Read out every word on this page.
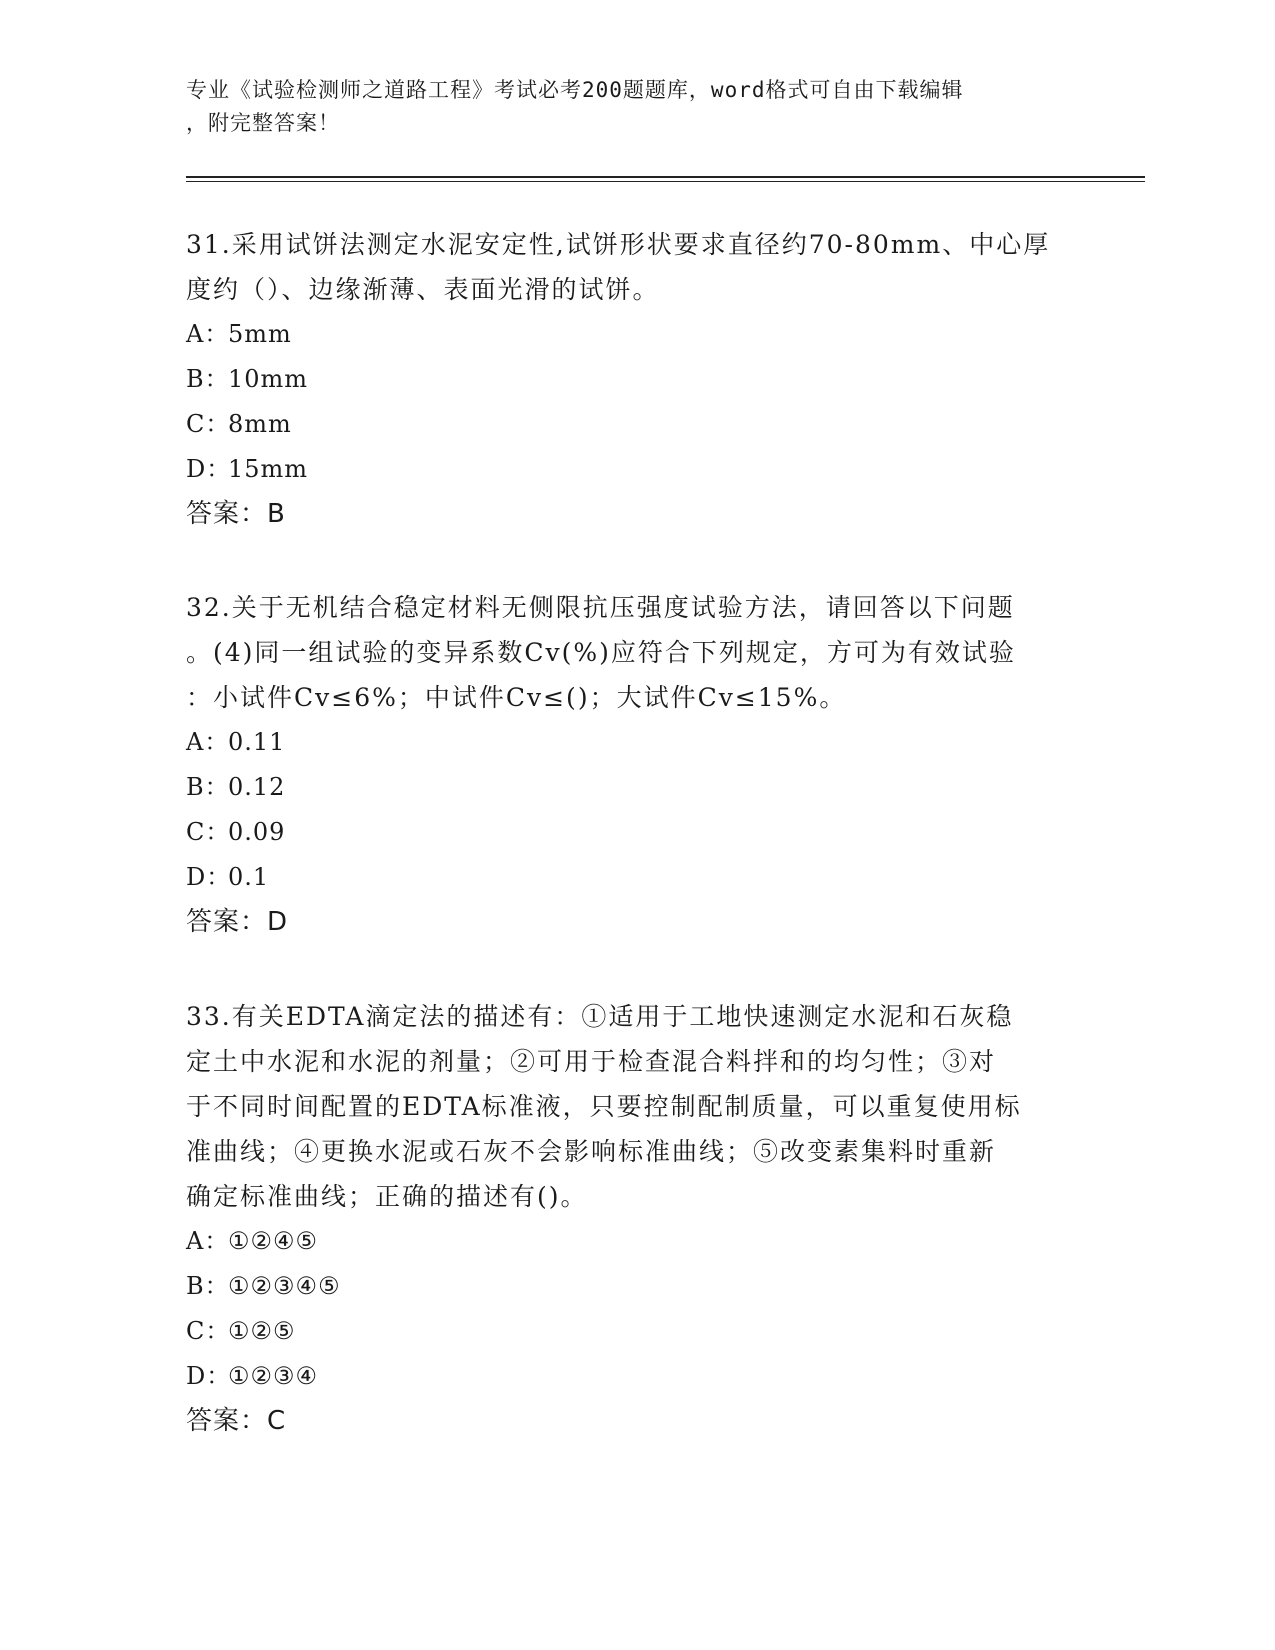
专业《试验检测师之道路工程》考试必考200题题库，word格式可自由下载编辑
，附完整答案！
31.采用试饼法测定水泥安定性,试饼形状要求直径约70-80mm、中心厚
度约（）、边缘渐薄、表面光滑的试饼。
A：5mm
B：10mm
C：8mm
D：15mm
答案：B
32.关于无机结合稳定材料无侧限抗压强度试验方法，请回答以下问题
。(4)同一组试验的变异系数Cv(%)应符合下列规定，方可为有效试验
：小试件Cv≤6%；中试件Cv≤()；大试件Cv≤15%。
A：0.11
B：0.12
C：0.09
D：0.1
答案：D
33.有关EDTA滴定法的描述有：①适用于工地快速测定水泥和石灰稳
定土中水泥和水泥的剂量；②可用于检查混合料拌和的均匀性；③对
于不同时间配置的EDTA标准液，只要控制配制质量，可以重复使用标
准曲线；④更换水泥或石灰不会影响标准曲线；⑤改变素集料时重新
确定标准曲线；正确的描述有()。
A：①②④⑤
B：①②③④⑤
C：①②⑤
D：①②③④
答案：C
